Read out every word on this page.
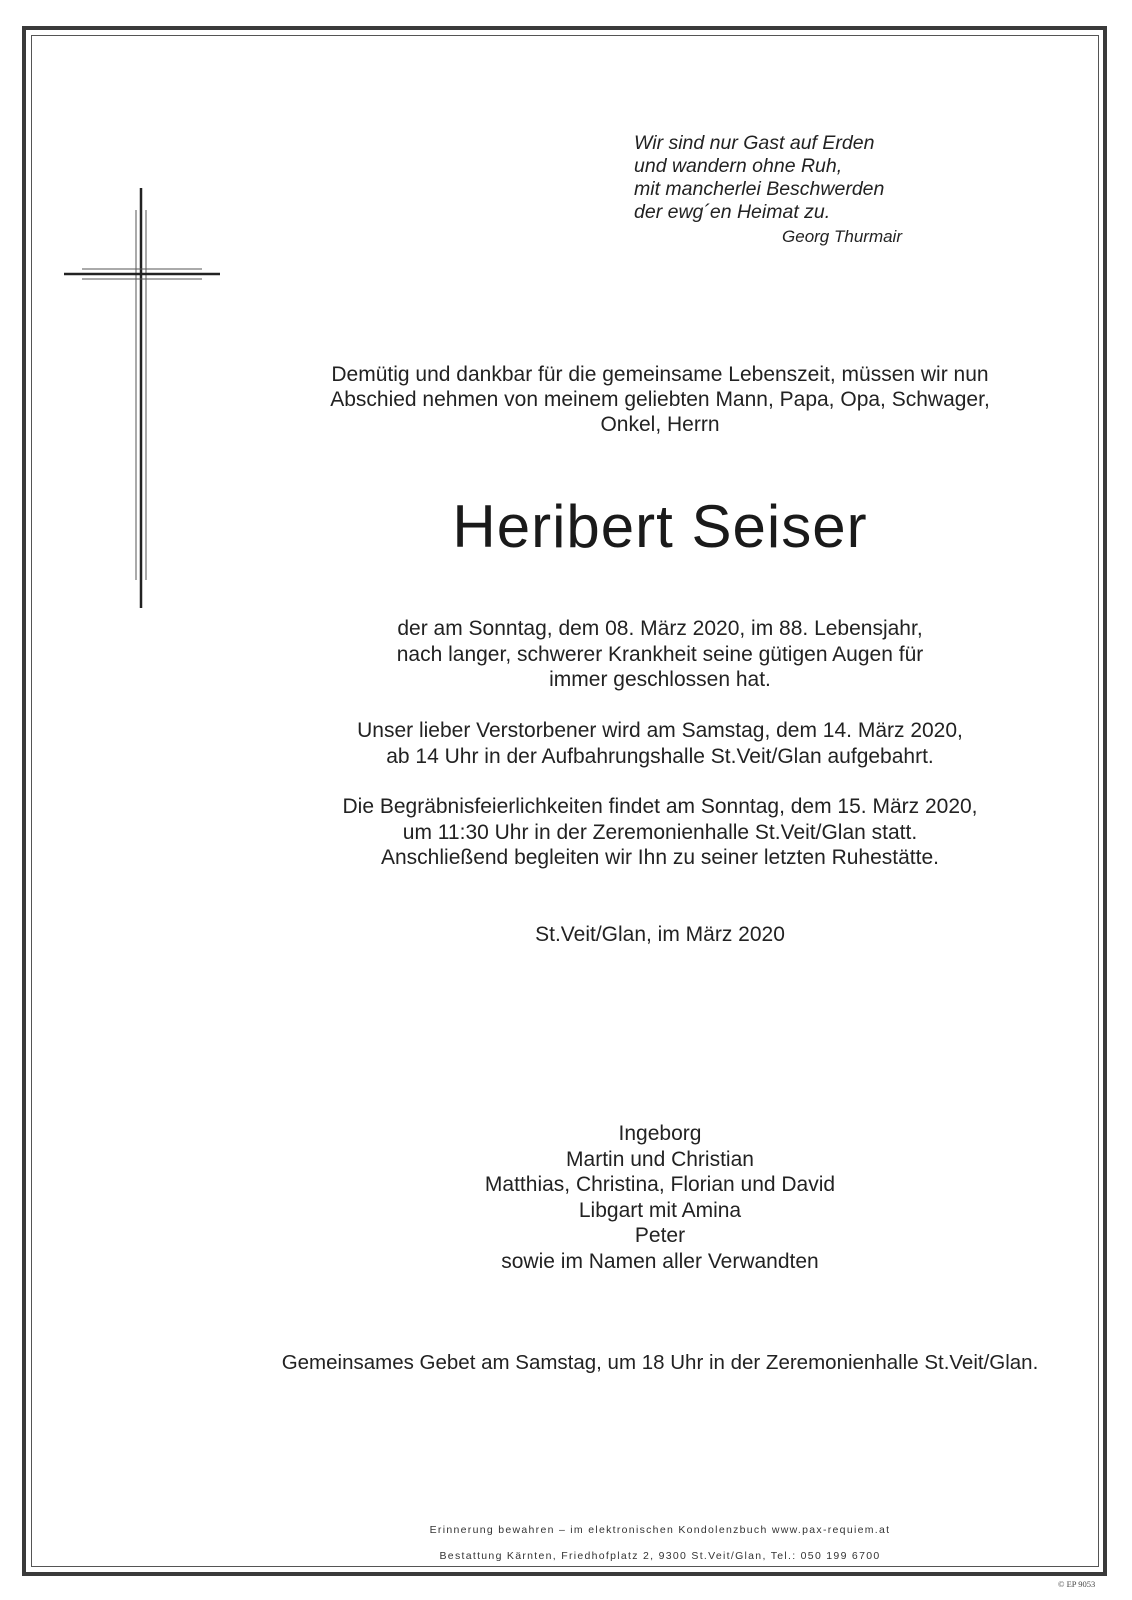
Wir sind nur Gast auf Erden
und wandern ohne Ruh,
mit mancherlei Beschwerden
der ewg´en Heimat zu.
Georg Thurmair
Demütig und dankbar für die gemeinsame Lebenszeit, müssen wir nun
Abschied nehmen von meinem geliebten Mann, Papa, Opa, Schwager,
Onkel, Herrn
Heribert Seiser
der am Sonntag, dem 08. März 2020, im 88. Lebensjahr,
nach langer, schwerer Krankheit seine gütigen Augen für
immer geschlossen hat.
Unser lieber Verstorbener wird am Samstag, dem 14. März 2020,
ab 14 Uhr in der Aufbahrungshalle St.Veit/Glan aufgebahrt.
Die Begräbnisfeierlichkeiten findet am Sonntag, dem 15. März 2020,
um 11:30 Uhr in der Zeremonienhalle St.Veit/Glan statt.
Anschließend begleiten wir Ihn zu seiner letzten Ruhestätte.
St.Veit/Glan, im März 2020
Ingeborg
Martin und Christian
Matthias, Christina, Florian und David
Libgart mit Amina
Peter
sowie im Namen aller Verwandten
Gemeinsames Gebet am Samstag, um 18 Uhr in der Zeremonienhalle St.Veit/Glan.
Erinnerung bewahren – im elektronischen Kondolenzbuch www.pax-requiem.at
Bestattung Kärnten, Friedhofplatz 2, 9300 St.Veit/Glan, Tel.: 050 199 6700
© EP 9053
